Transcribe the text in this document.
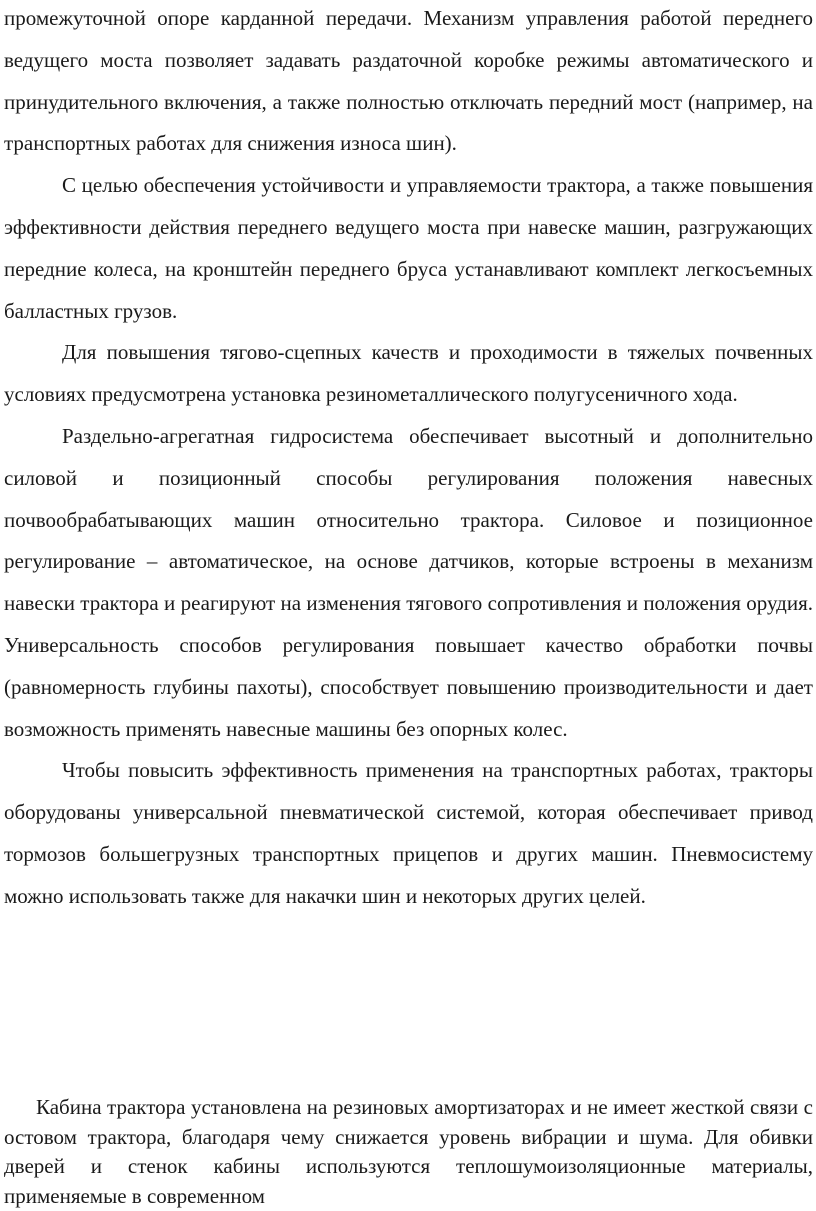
промежуточной опоре карданной передачи. Механизм управления работой переднего ведущего моста позволяет задавать раздаточной коробке режимы автоматического и принудительного включения, а также полностью отключать передний мост (например, на транспортных работах для снижения износа шин).

С целью обеспечения устойчивости и управляемости трактора, а также повышения эффективности действия переднего ведущего моста при навеске машин, разгружающих передние колеса, на кронштейн переднего бруса устанавливают комплект легкосъемных балластных грузов.

Для повышения тягово-сцепных качеств и проходимости в тяжелых почвенных условиях предусмотрена установка резинометаллического полугусеничного хода.

Раздельно-агрегатная гидросистема обеспечивает высотный и дополнительно силовой и позиционный способы регулирования положения навесных почвообрабатывающих машин относительно трактора. Силовое и позиционное регулирование – автоматическое, на основе датчиков, которые встроены в механизм навески трактора и реагируют на изменения тягового сопротивления и положения орудия. Универсальность способов регулирования повышает качество обработки почвы (равномерность глубины пахоты), способствует повышению производительности и дает возможность применять навесные машины без опорных колес.

Чтобы повысить эффективность применения на транспортных работах, тракторы оборудованы универсальной пневматической системой, которая обеспечивает привод тормозов большегрузных транспортных прицепов и других машин. Пневмосистему можно использовать также для накачки шин и некоторых других целей.

Кабина трактора установлена на резиновых амортизаторах и не имеет жесткой связи с остовом трактора, благодаря чему снижается уровень вибрации и шума. Для обивки дверей и стенок кабины используются теплошумоизоляционные материалы, применяемые в современном
